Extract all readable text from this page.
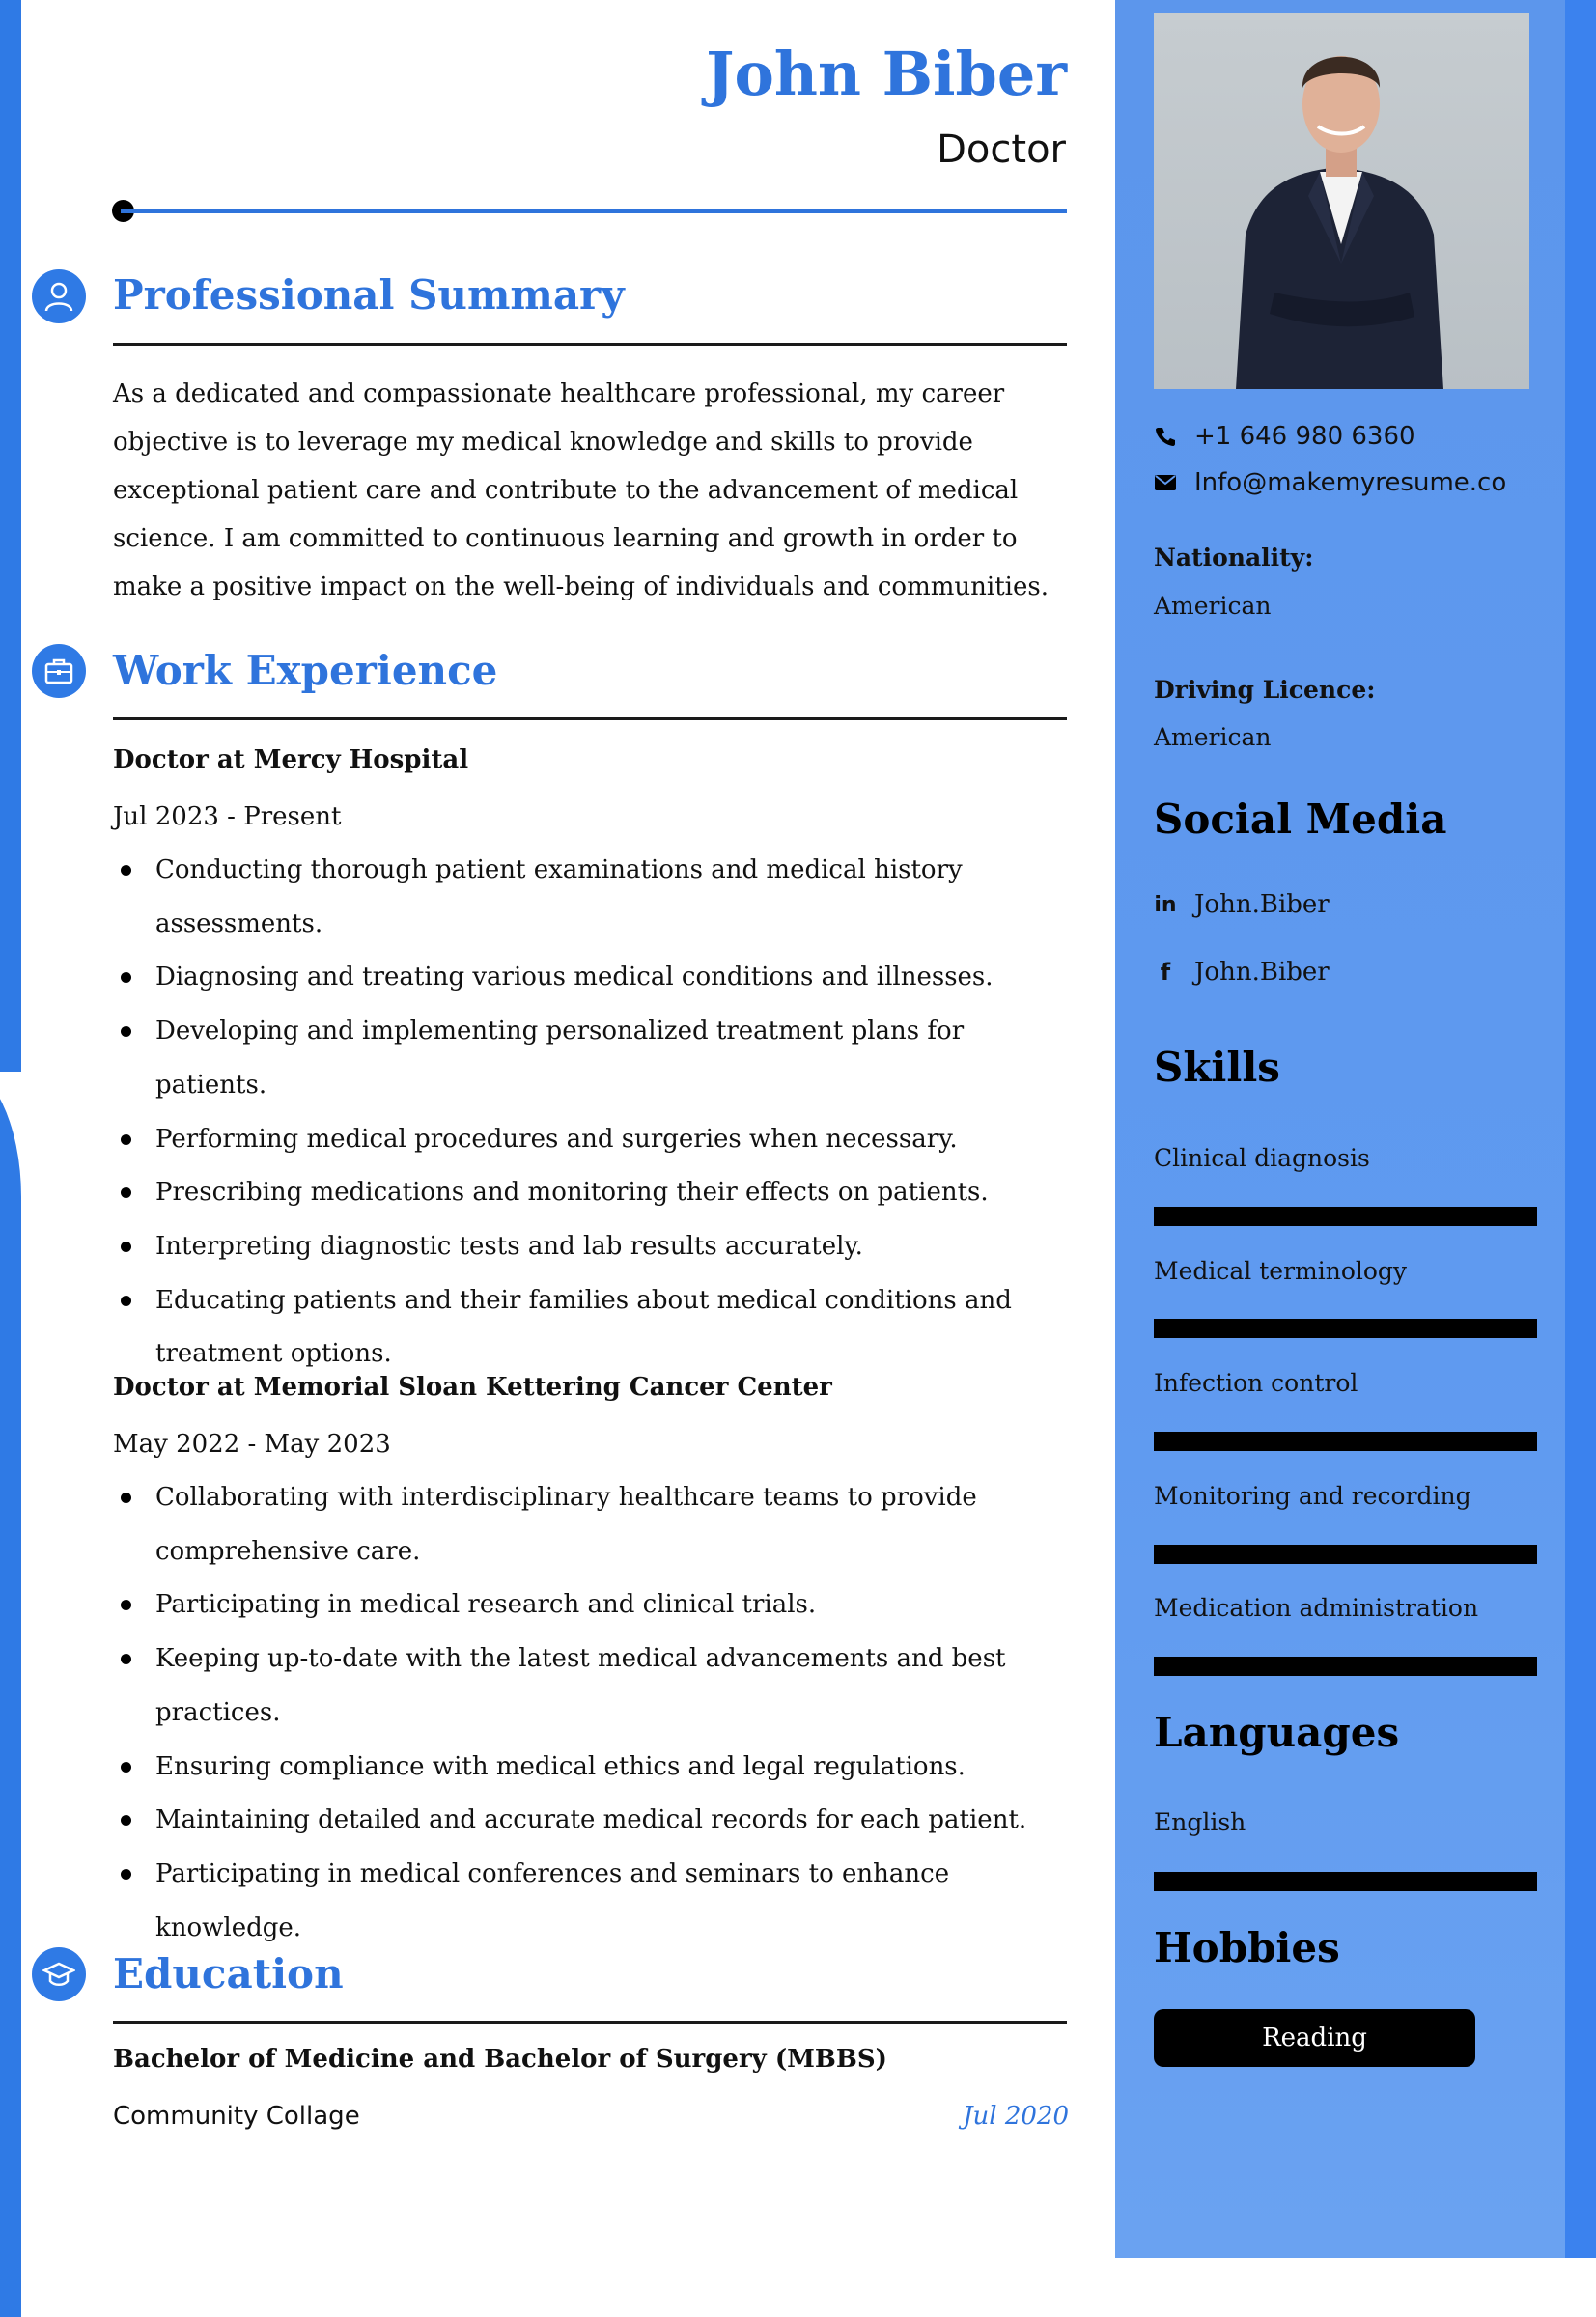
John Biber
Doctor
Professional Summary

As a dedicated and compassionate healthcare professional, my career objective is to leverage my medical knowledge and skills to provide exceptional patient care and contribute to the advancement of medical science. I am committed to continuous learning and growth in order to make a positive impact on the well-being of individuals and communities.

Work Experience
Doctor at Mercy Hospital
Jul 2023 - Present
Conducting thorough patient examinations and medical history assessments.
Diagnosing and treating various medical conditions and illnesses.
Developing and implementing personalized treatment plans for patients.
Performing medical procedures and surgeries when necessary.
Prescribing medications and monitoring their effects on patients.
Interpreting diagnostic tests and lab results accurately.
Educating patients and their families about medical conditions and treatment options.
Doctor at Memorial Sloan Kettering Cancer Center
May 2022 - May 2023
Collaborating with interdisciplinary healthcare teams to provide comprehensive care.
Participating in medical research and clinical trials.
Keeping up-to-date with the latest medical advancements and best practices.
Ensuring compliance with medical ethics and legal regulations.
Maintaining detailed and accurate medical records for each patient.
Participating in medical conferences and seminars to enhance knowledge.
Education
Bachelor of Medicine and Bachelor of Surgery (MBBS)
Community Collage	Jul 2020
+1 646 980 6360
Info@makemyresume.co
Nationality:
American
Driving Licence:
American
Social Media
in John.Biber
f John.Biber
Skills
Clinical diagnosis
Medical terminology
Infection control
Monitoring and recording
Medication administration
Languages
English
Hobbies
Reading
